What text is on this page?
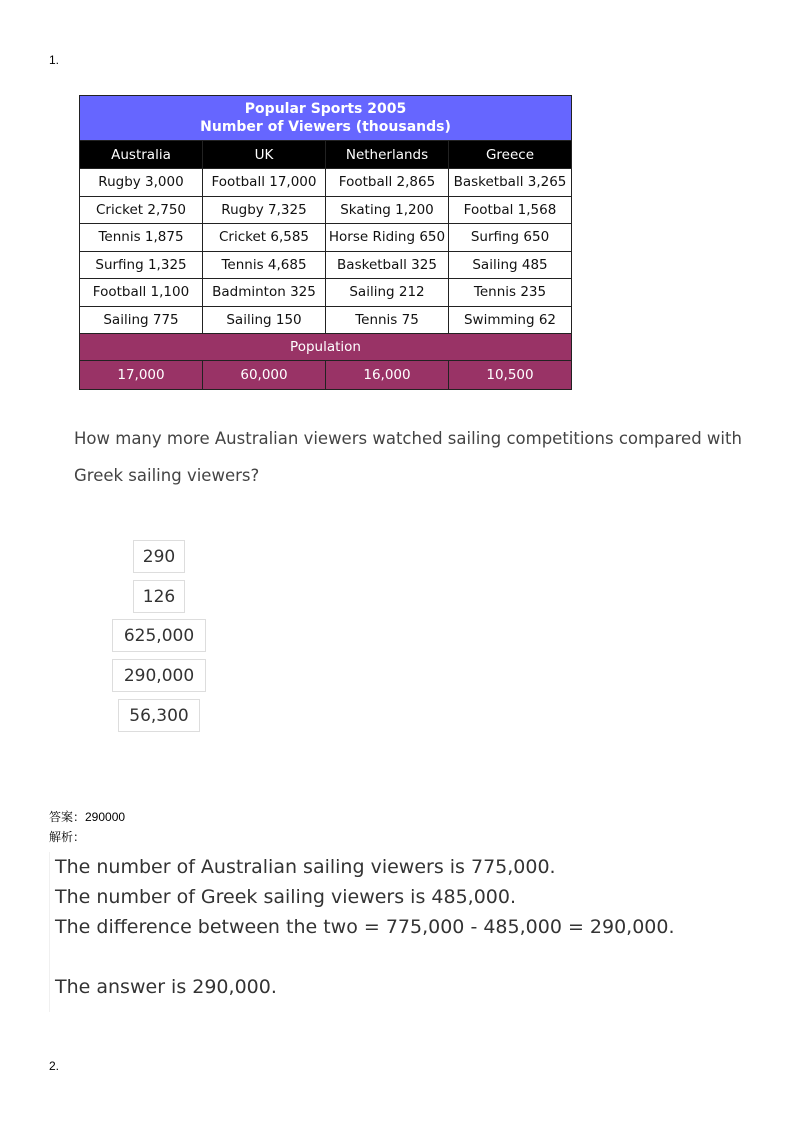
1.
Popular Sports 2005
Number of Viewers (thousands)			

Australia	UK	Netherlands	Greece
Rugby 3,000	Football 17,000	Football 2,865	Basketball 3,265
Cricket 2,750	Rugby 7,325	Skating 1,200	Footbal 1,568
Tennis 1,875	Cricket 6,585	Horse Riding 650	Surfing 650
Surfing 1,325	Tennis 4,685	Basketball 325	Sailing 485
Football 1,100	Badminton 325	Sailing 212	Tennis 235
Sailing 775	Sailing 150	Tennis 75	Swimming 62
Population			
17,000	60,000	16,000	10,500
How many more Australian viewers watched sailing competitions compared with Greek sailing viewers?
290
126
625,000
290,000
56,300
答案：290000
解析：
The number of Australian sailing viewers is 775,000.
The number of Greek sailing viewers is 485,000.
The difference between the two = 775,000 - 485,000 = 290,000.
The answer is 290,000.
2.
